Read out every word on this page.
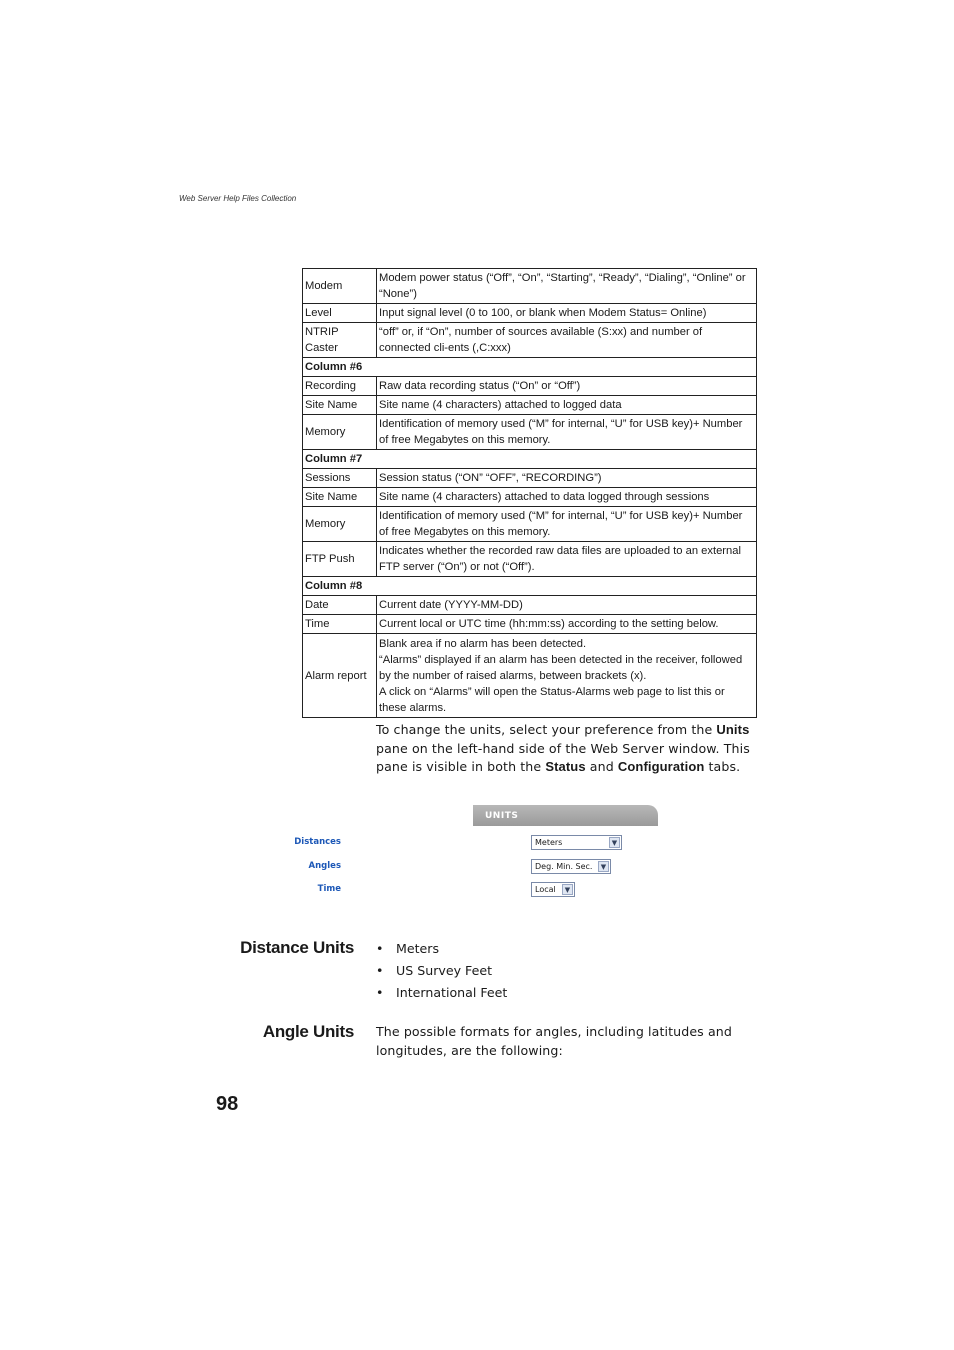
Web Server Help Files Collection
Modem	Modem power status (“Off”, “On”, “Starting”, “Ready”, “Dialing”, “Online” or “None”)
Level	Input signal level (0 to 100, or blank when Modem Status= Online)
NTRIP Caster	“off” or, if “On”, number of sources available (S:xx) and number of connected cli-ents (,C:xxx)
Column #6	
Recording	Raw data recording status (“On” or “Off”)
Site Name	Site name (4 characters) attached to logged data
Memory	Identification of memory used (“M” for internal, “U” for USB key)+ Number of free Megabytes on this memory.
Column #7	
Sessions	Session status (“ON” “OFF”, “RECORDING”)
Site Name	Site name (4 characters) attached to data logged through sessions
Memory	Identification of memory used (“M” for internal, “U” for USB key)+ Number of free Megabytes on this memory.
FTP Push	Indicates whether the recorded raw data files are uploaded to an external FTP server (“On”) or not (“Off”).
Column #8	
Date	Current date (YYYY-MM-DD)
Time	Current local or UTC time (hh:mm:ss) according to the setting below.
Alarm report	Blank area if no alarm has been detected.
“Alarms” displayed if an alarm has been detected in the receiver, followed by the number of raised alarms, between brackets (x).
A click on “Alarms” will open the Status-Alarms web page to list this or these alarms.
To change the units, select your preference from the Units pane on the left-hand side of the Web Server window. This pane is visible in both the Status and Configuration tabs.
UNITS
Distances	Meters	▼
Angles	Deg. Min. Sec.	▼
Time	Local	▼
Distance Units • Meters
• US Survey Feet
• International Feet
Angle Units The possible formats for angles, including latitudes and longitudes, are the following:
98
